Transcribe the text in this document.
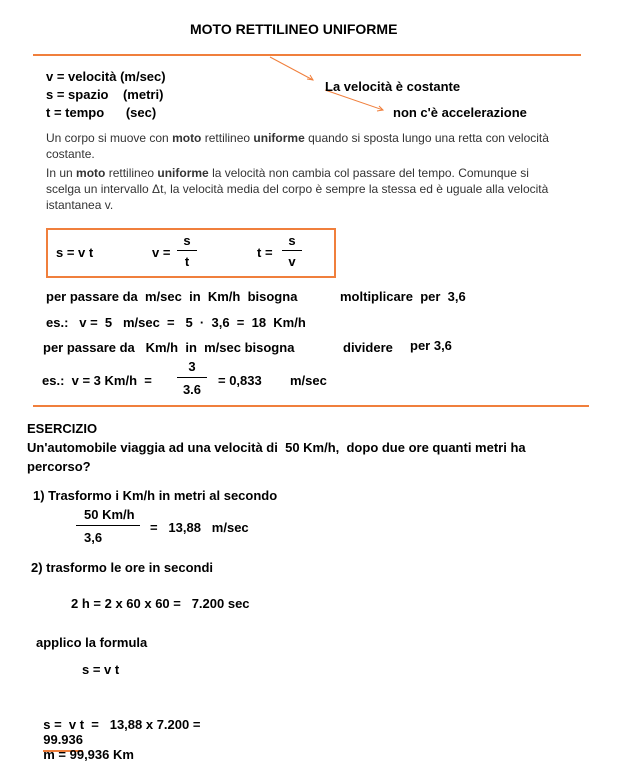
MOTO RETTILINEO UNIFORME
v = velocità (m/sec)
s = spazio    (metri)
t = tempo      (sec)
La velocità è costante
non c'è accelerazione

Un corpo si muove con moto rettilineo uniforme quando si sposta lungo una retta con velocità costante.

In un moto rettilineo uniforme la velocità non cambia col passare del tempo. Comunque si scelga un intervallo Δt, la velocità media del corpo è sempre la stessa ed è uguale alla velocità istantanea v.

s = v t	v =
s
t
t =
s
v
per passare da  m/sec  in  Km/h  bisogna	moltiplicare  per  3,6
es.:   v =  5   m/sec  =   5  ·  3,6  =  18  Km/h
per passare da   Km/h  in  m/sec bisogna	dividere per 3,6
es.:  v = 3 Km/h  =
3
3.6
= 0,833 m/sec
ESERCIZIO
Un'automobile viaggia ad una velocità di  50 Km/h,  dopo due ore quanti metri ha
percorso?
1) Trasformo i Km/h in metri al secondo
50 Km/h
3,6
=   13,88   m/sec
2) trasformo le ore in secondi
2 h = 2 x 60 x 60 =   7.200 sec
applico la formula
s = v t

s =  v t  =   13,88 x 7.200 =
99.936
m = 99,936 Km
